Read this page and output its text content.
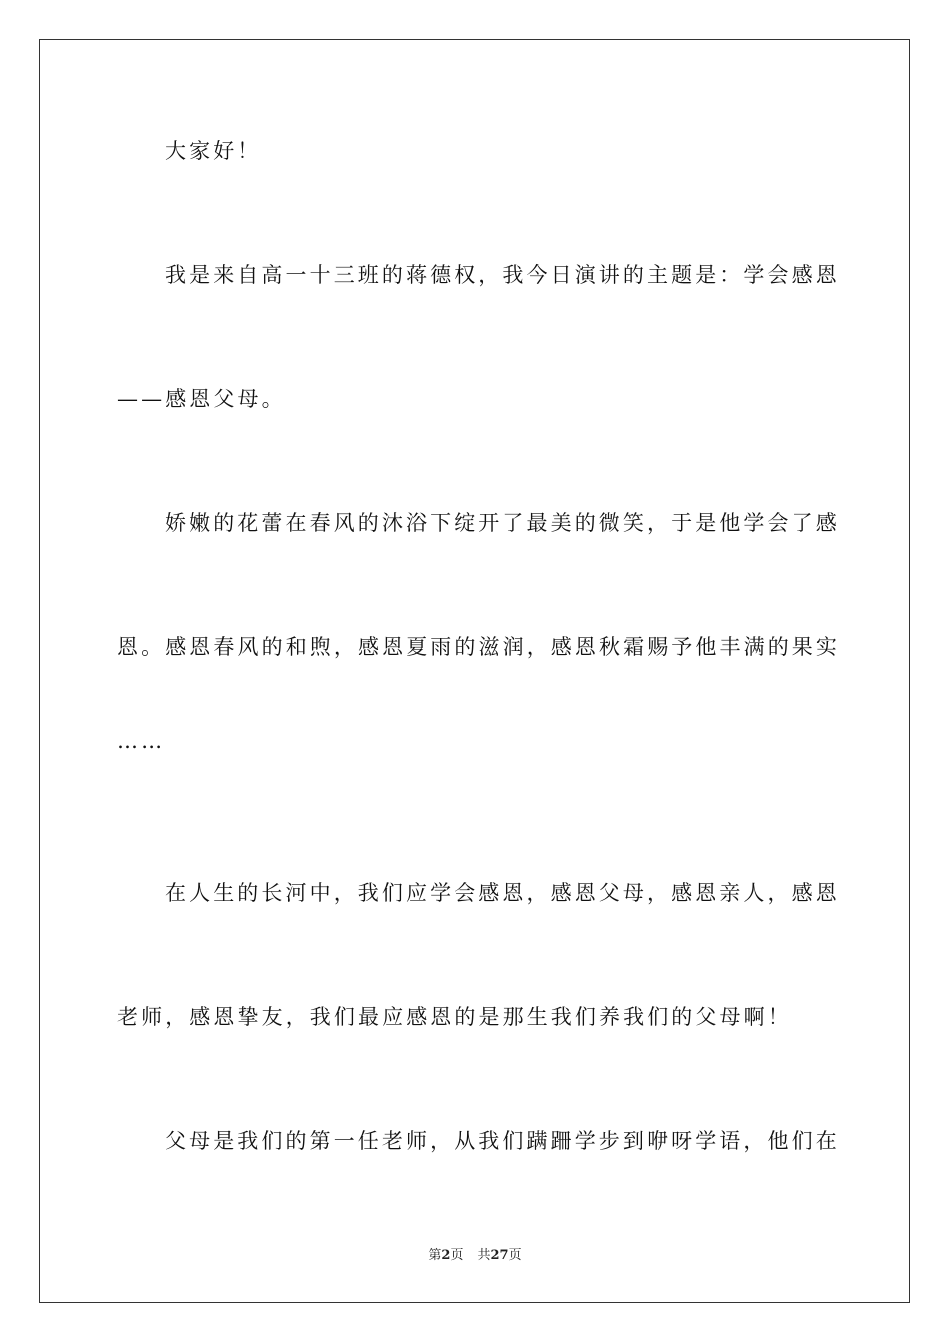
大家好！
我是来自高一十三班的蒋德权，我今日演讲的主题是：学会感恩
——感恩父母。
娇嫩的花蕾在春风的沐浴下绽开了最美的微笑，于是他学会了感
恩。感恩春风的和煦，感恩夏雨的滋润，感恩秋霜赐予他丰满的果实
……
在人生的长河中，我们应学会感恩，感恩父母，感恩亲人，感恩
老师，感恩挚友，我们最应感恩的是那生我们养我们的父母啊！
父母是我们的第一任老师，从我们蹒跚学步到咿呀学语，他们在
第2页 共27页
